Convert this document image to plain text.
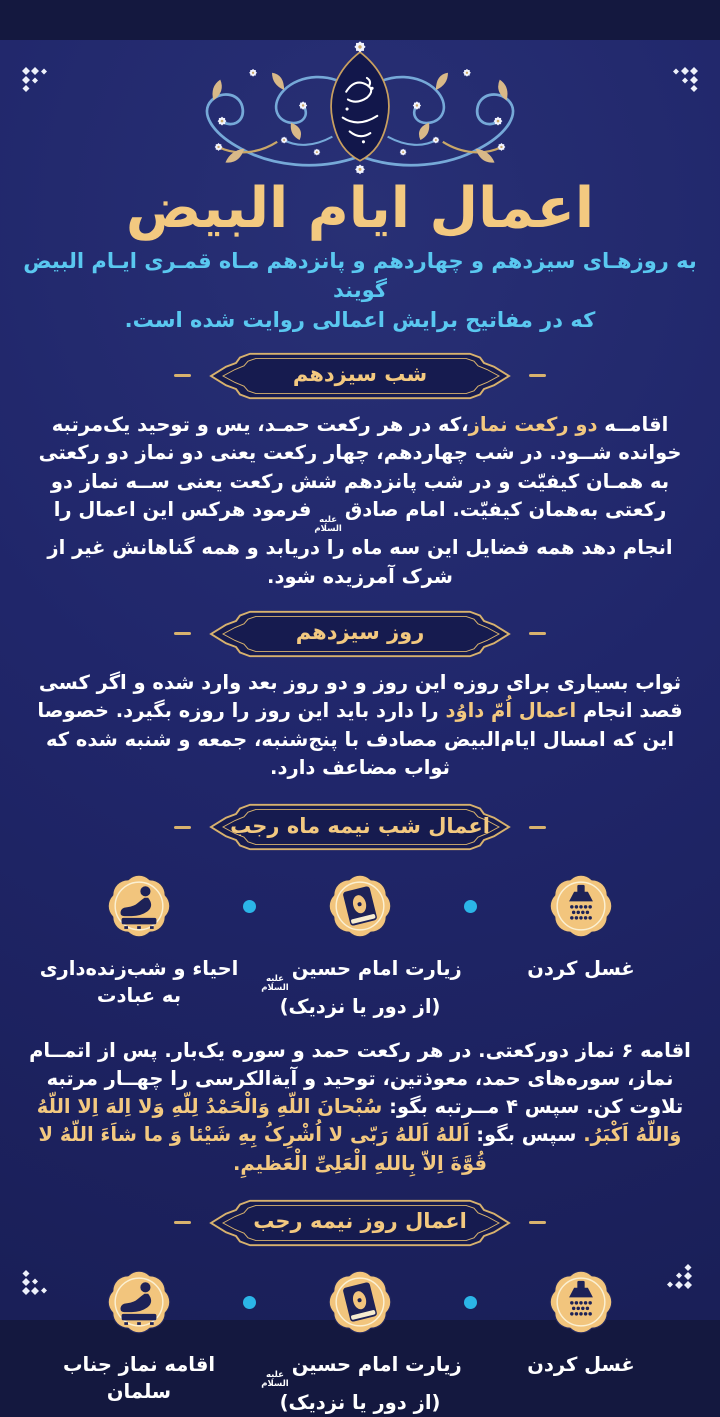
اعمال ایام البیض
به روزهـای سیزدهم و چهاردهم و پانزدهم مـاه قمـری ایـام البیض گویند
که در مفاتیح برایش اعمالی روایت شده است.
شب سیزدهم

اقامــه دو رکعت نماز،که در هر رکعت حمـد، یس و توحید یک‌مرتبه خوانده شــود. در شب چهاردهم، چهار رکعت یعنی دو نماز دو رکعتی به همـان کیفیّت و در شب پانزدهم شش رکعت یعنی ســه نماز دو رکعتی به‌همان کیفیّت. امام صادق
علیه
السلام
فرمود هرکس این اعمال را انجام دهد همه فضایل این سه ماه را دریابد و همه گناهانش غیر از شرک آمرزیده شود.

روز سیزدهم

ثواب بسیاری برای روزه این روز و دو روز بعد وارد شده و اگر کسی قصد انجام اعمال اُمّ داوُد را دارد باید این روز را روزه بگیرد. خصوصا این که امسال ایام‌البیض مصادف با پنج‌شنبه، جمعه و شنبه شده که ثواب مضاعف دارد.

اعمال شب نیمه ماه رجب
غسل کردن
زیارت امام حسین
علیه
السلام

(از دور یا نزدیک)
احیاء و شب‌زنده‌داری
به عبادت

اقامه ۶ نماز دورکعتی. در هر رکعت حمد و سوره یک‌بار. پس از اتمــام نماز، سوره‌های حمد، معوذتین، توحید و آیة‌الکرسی را چهــار مرتبه تلاوت کن. سپس ۴ مــرتبه بگو: سُبْحانَ اللّهِ وَالْحَمْدُ لِلّهِ وَلا اِلهَ اِلا اللّهُ وَاللّهُ اَکْبَرُ. سپس بگو: اَللهُ اَللهُ رَبّی لا اُشْرِکُ بِهِ شَیْئا وَ ما شاَءَ اللّهُ لا قُوَّةَ اِلاّ بِاللهِ الْعَلِیِّ الْعَظیمِ.

اعمال روز نیمه رجب
غسل کردن
زیارت امام حسین
علیه
السلام

(از دور یا نزدیک)
اقامه نماز جناب سلمان
